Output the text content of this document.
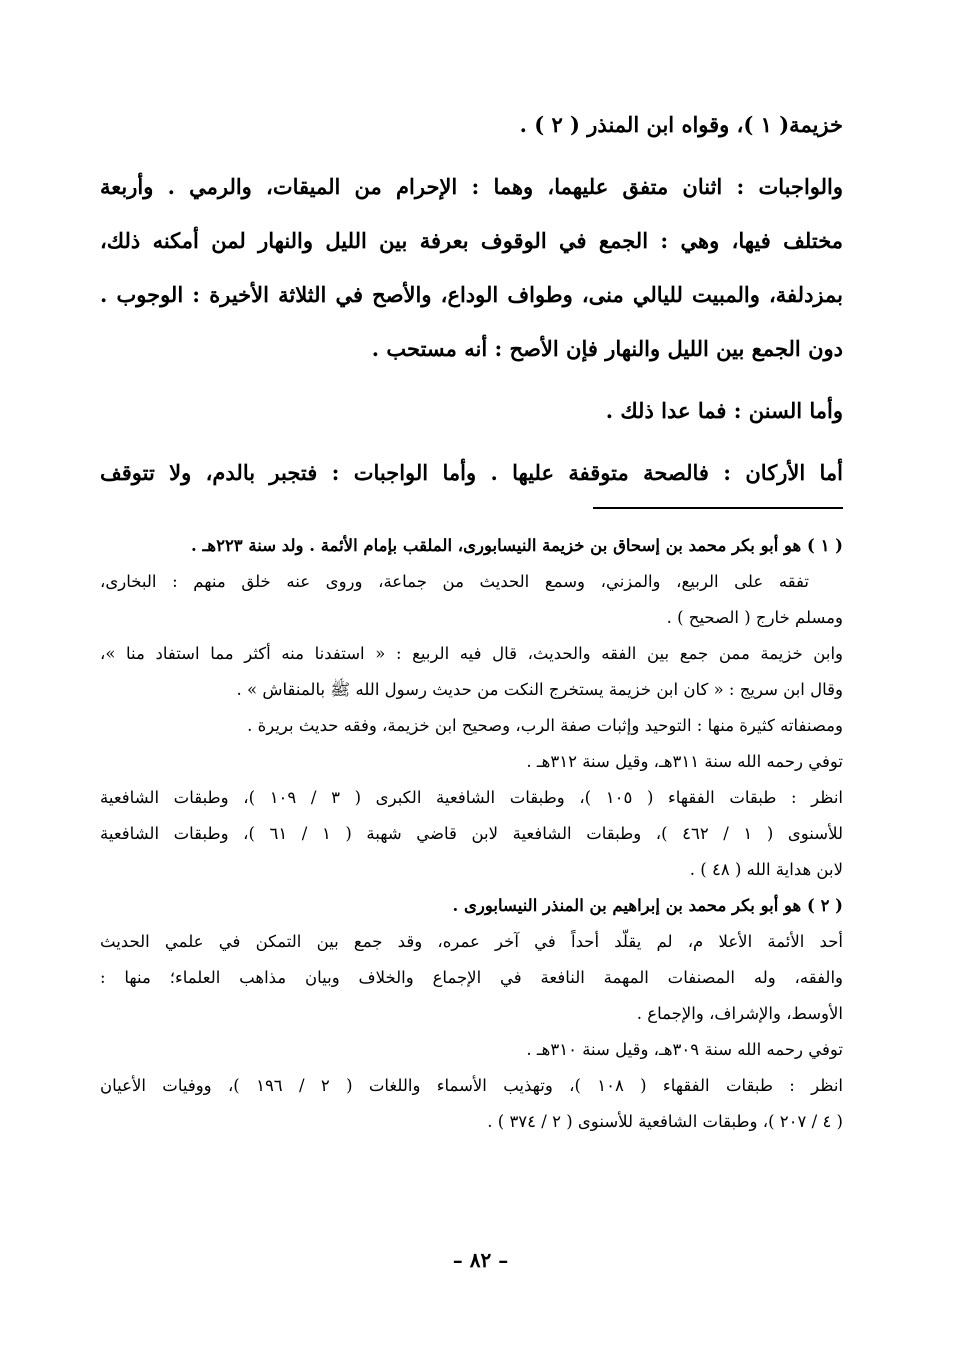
خزيمة( ١ )، وقواه ابن المنذر ( ٢ ) .
والواجبات : اثنان متفق عليهما، وهما : الإحرام من الميقات، والرمي . وأربعة
مختلف فيها، وهي : الجمع في الوقوف بعرفة بين الليل والنهار لمن أمكنه ذلك،
بمزدلفة، والمبيت لليالي منى، وطواف الوداع، والأصح في الثلاثة الأخيرة : الوجوب .
دون الجمع بين الليل والنهار فإن الأصح : أنه مستحب .
وأما السنن : فما عدا ذلك .
أما الأركان : فالصحة متوقفة عليها . وأما الواجبات : فتجبر بالدم، ولا تتوقف
( ١ ) هو أبو بكر محمد بن إسحاق بن خزيمة النيسابورى، الملقب بإمام الأئمة . ولد سنة ٢٢٣هـ .
تفقه على الربيع، والمزني، وسمع الحديث من جماعة، وروى عنه خلق منهم : البخارى،
ومسلم خارج ( الصحيح ) .
وابن خزيمة ممن جمع بين الفقه والحديث، قال فيه الربيع : « استفدنا منه أكثر مما استفاد منا »،
وقال ابن سريج : « كان ابن خزيمة يستخرج النكت من حديث رسول الله ﷺ بالمنقاش » .
ومصنفاته كثيرة منها : التوحيد وإثبات صفة الرب، وصحيح ابن خزيمة، وفقه حديث بريرة .
توفي رحمه الله سنة ٣١١هـ، وقيل سنة ٣١٢هـ .
انظر : طبقات الفقهاء ( ١٠٥ )، وطبقات الشافعية الكبرى ( ٣ / ١٠٩ )، وطبقات الشافعية
للأسنوى ( ١ / ٤٦٢ )، وطبقات الشافعية لابن قاضي شهبة ( ١ / ٦١ )، وطبقات الشافعية
لابن هداية الله ( ٤٨ ) .
( ٢ ) هو أبو بكر محمد بن إبراهيم بن المنذر النيسابورى .
أحد الأئمة الأعلا م، لم يقلّد أحداً في آخر عمره، وقد جمع بين التمكن في علمي الحديث
والفقه، وله المصنفات المهمة النافعة في الإجماع والخلاف وبيان مذاهب العلماء؛ منها :
الأوسط، والإشراف، والإجماع .
توفي رحمه الله سنة ٣٠٩هـ، وقيل سنة ٣١٠هـ .
انظر : طبقات الفقهاء ( ١٠٨ )، وتهذيب الأسماء واللغات ( ٢ / ١٩٦ )، ووفيات الأعيان
( ٤ / ٢٠٧ )، وطبقات الشافعية للأسنوى ( ٢ / ٣٧٤ ) .
– ٨٢ –
